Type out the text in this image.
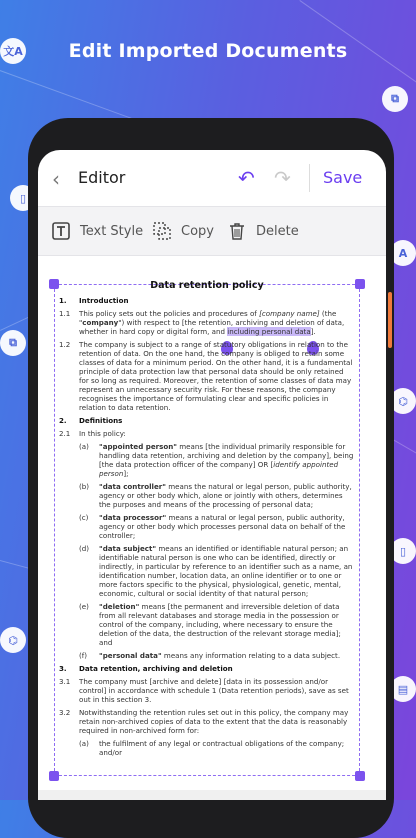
文A
▯
⧉
⌬
⧉
A
⌬
▯
▤
Edit Imported Documents
‹ Editor	↶ ↷ Save
Text Style	Copy	Delete
Data retention policy
1.	Introduction
1.1	This policy sets out the policies and procedures of [company name] (the "company") with respect to [the retention, archiving and deletion of data, whether in hard copy or digital form, and including personal data].
1.2	The company is subject to a range of statutory obligations in relation to the retention of data. On the one hand, the company is obliged to retain some classes of data for a minimum period. On the other hand, it is a fundamental principle of data protection law that personal data should be only retained for so long as required. Moreover, the retention of some classes of data may represent an unnecessary security risk. For these reasons, the company recognises the importance of formulating clear and specific policies in relation to data retention.
2.	Definitions
2.1	In this policy:
(a)	"appointed person" means [the individual primarily responsible for handling data retention, archiving and deletion by the company], being [the data protection officer of the company] OR [identify appointed person];
(b)	"data controller" means the natural or legal person, public authority, agency or other body which, alone or jointly with others, determines the purposes and means of the processing of personal data;
(c)	"data processor" means a natural or legal person, public authority, agency or other body which processes personal data on behalf of the controller;
(d)	"data subject" means an identified or identifiable natural person; an identifiable natural person is one who can be identified, directly or indirectly, in particular by reference to an identifier such as a name, an identification number, location data, an online identifier or to one or more factors specific to the physical, physiological, genetic, mental, economic, cultural or social identity of that natural person;
(e)	"deletion" means [the permanent and irreversible deletion of data from all relevant databases and storage media in the possession or control of the company, including, where necessary to ensure the deletion of the data, the destruction of the relevant storage media]; and
(f)	"personal data" means any information relating to a data subject.
3.	Data retention, archiving and deletion
3.1	The company must [archive and delete] [data in its possession and/or control] in accordance with schedule 1 (Data retention periods), save as set out in this section 3.
3.2	Notwithstanding the retention rules set out in this policy, the company may retain non-archived copies of data to the extent that the data is reasonably required in non-archived form for:
(a)	the fulfilment of any legal or contractual obligations of the company; and/or
